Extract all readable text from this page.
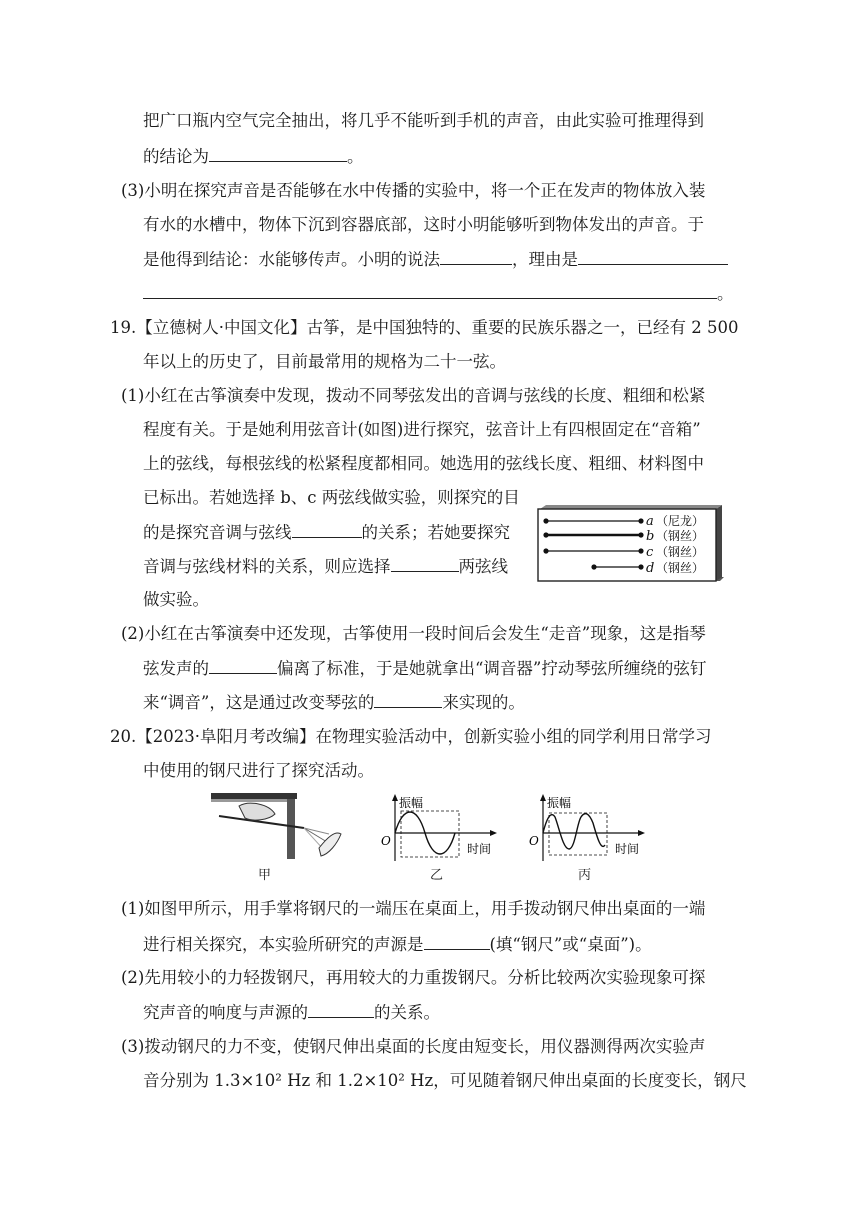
把广口瓶内空气完全抽出，将几乎不能听到手机的声音，由此实验可推理得到
的结论为	。
(3)小明在探究声音是否能够在水中传播的实验中，将一个正在发声的物体放入装
有水的水槽中，物体下沉到容器底部，这时小明能够听到物体发出的声音。于
是他得到结论：水能够传声。小明的说法	，理由是
。
19.【立德树人·中国文化】古筝，是中国独特的、重要的民族乐器之一，已经有 2 500
年以上的历史了，目前最常用的规格为二十一弦。
(1)小红在古筝演奏中发现，拨动不同琴弦发出的音调与弦线的长度、粗细和松紧
程度有关。于是她利用弦音计(如图)进行探究，弦音计上有四根固定在“音箱”
上的弦线，每根弦线的松紧程度都相同。她选用的弦线长度、粗细、材料图中
已标出。若她选择 b、c 两弦线做实验，则探究的目
的是探究音调与弦线	的关系；若她要探究
音调与弦线材料的关系，则应选择	两弦线
做实验。
a （尼龙）
b （钢丝）
c （钢丝）
d （钢丝）
(2)小红在古筝演奏中还发现，古筝使用一段时间后会发生“走音”现象，这是指琴
弦发声的	偏离了标准，于是她就拿出“调音器”拧动琴弦所缠绕的弦钉
来“调音”，这是通过改变琴弦的	来实现的。
20.【2023·阜阳月考改编】在物理实验活动中，创新实验小组的同学利用日常学习
中使用的钢尺进行了探究活动。
甲
振幅
O
时间
乙
振幅
O
时间
丙
(1)如图甲所示，用手掌将钢尺的一端压在桌面上，用手拨动钢尺伸出桌面的一端
进行相关探究，本实验所研究的声源是	(填“钢尺”或“桌面”)。
(2)先用较小的力轻拨钢尺，再用较大的力重拨钢尺。分析比较两次实验现象可探
究声音的响度与声源的	的关系。
(3)拨动钢尺的力不变，使钢尺伸出桌面的长度由短变长，用仪器测得两次实验声
音分别为 1.3×10² Hz 和 1.2×10² Hz，可见随着钢尺伸出桌面的长度变长，钢尺
